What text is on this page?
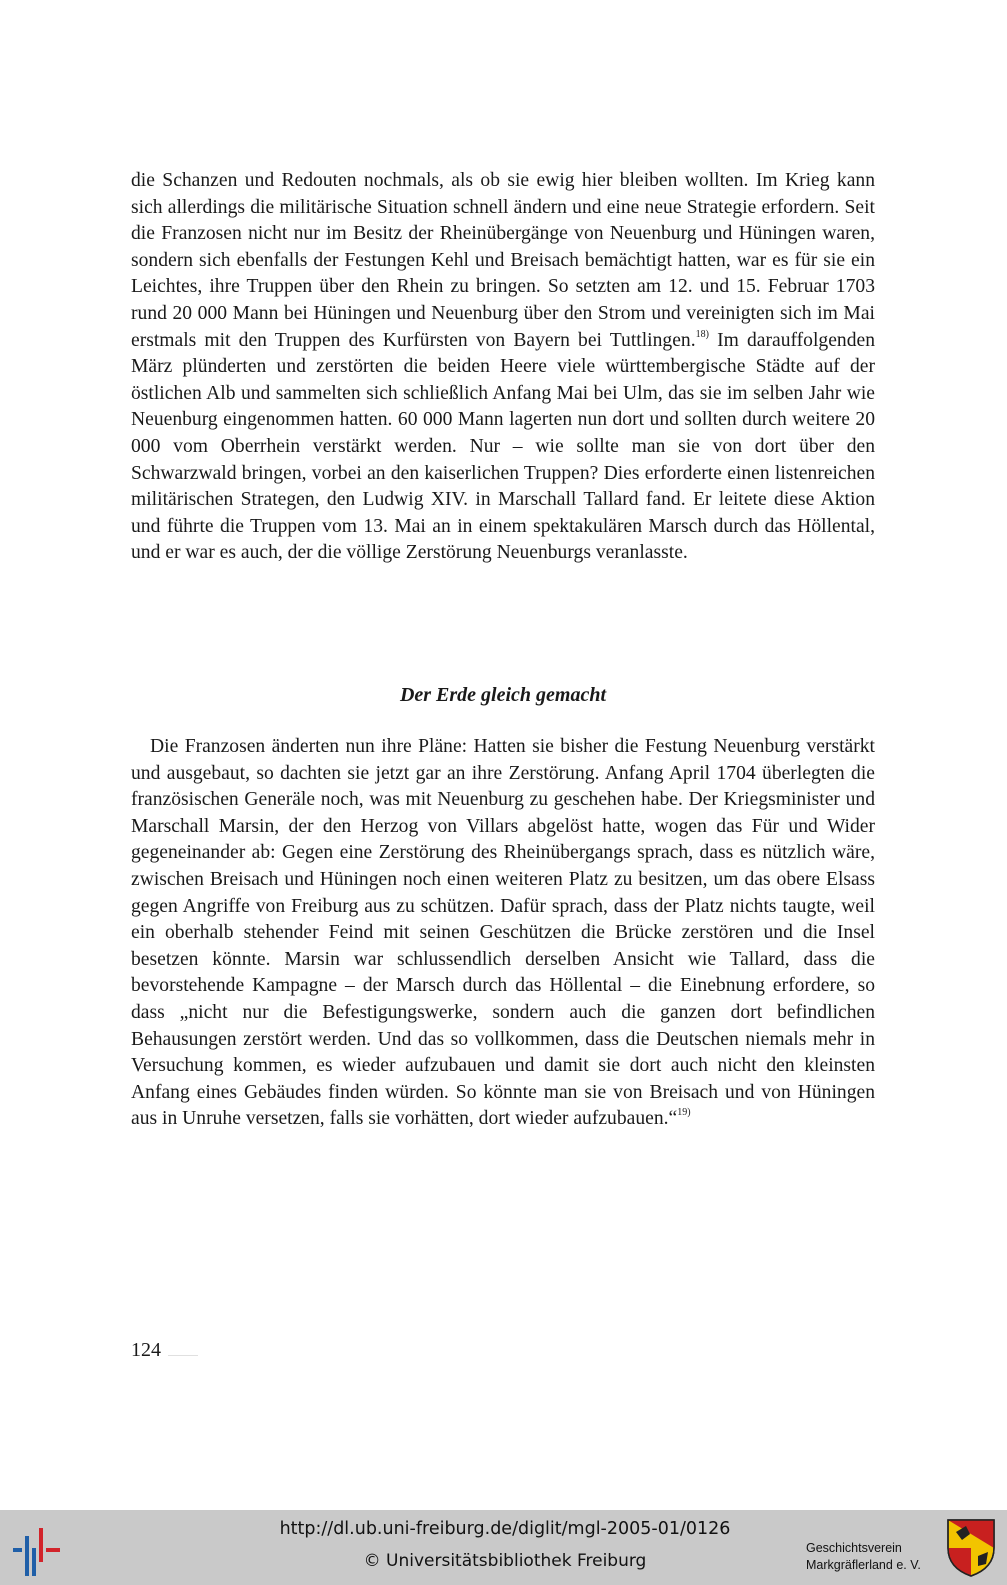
die Schanzen und Redouten nochmals, als ob sie ewig hier bleiben wollten. Im Krieg kann sich allerdings die militärische Situation schnell ändern und eine neue Strategie erfordern. Seit die Franzosen nicht nur im Besitz der Rheinübergänge von Neuenburg und Hüningen waren, sondern sich ebenfalls der Festungen Kehl und Breisach bemächtigt hatten, war es für sie ein Leichtes, ihre Truppen über den Rhein zu bringen. So setzten am 12. und 15. Februar 1703 rund 20 000 Mann bei Hüningen und Neuenburg über den Strom und vereinigten sich im Mai erstmals mit den Truppen des Kurfürsten von Bayern bei Tuttlingen.$^{18)}$ Im darauffolgenden März plünderten und zerstörten die beiden Heere viele württembergische Städte auf der östlichen Alb und sammelten sich schließlich Anfang Mai bei Ulm, das sie im selben Jahr wie Neuenburg eingenommen hatten. 60 000 Mann lagerten nun dort und sollten durch weitere 20 000 vom Oberrhein verstärkt werden. Nur – wie sollte man sie von dort über den Schwarzwald bringen, vorbei an den kaiserlichen Truppen? Dies erforderte einen listenreichen militärischen Strategen, den Ludwig XIV. in Marschall Tallard fand. Er leitete diese Aktion und führte die Truppen vom 13. Mai an in einem spektakulären Marsch durch das Höllental, und er war es auch, der die völlige Zerstörung Neuenburgs veranlasste.

Der Erde gleich gemacht

Die Franzosen änderten nun ihre Pläne: Hatten sie bisher die Festung Neuenburg verstärkt und ausgebaut, so dachten sie jetzt gar an ihre Zerstörung. Anfang April 1704 überlegten die französischen Generäle noch, was mit Neuenburg zu geschehen habe. Der Kriegsminister und Marschall Marsin, der den Herzog von Villars abgelöst hatte, wogen das Für und Wider gegeneinander ab: Gegen eine Zerstörung des Rheinübergangs sprach, dass es nützlich wäre, zwischen Breisach und Hüningen noch einen weiteren Platz zu besitzen, um das obere Elsass gegen Angriffe von Freiburg aus zu schützen. Dafür sprach, dass der Platz nichts taugte, weil ein oberhalb stehender Feind mit seinen Geschützen die Brücke zerstören und die Insel besetzen könnte. Marsin war schlussendlich derselben Ansicht wie Tallard, dass die bevorstehende Kampagne – der Marsch durch das Höllental – die Einebnung erfordere, so dass „nicht nur die Befestigungswerke, sondern auch die ganzen dort befindlichen Behausungen zerstört werden. Und das so vollkommen, dass die Deutschen niemals mehr in Versuchung kommen, es wieder aufzubauen und damit sie dort auch nicht den kleinsten Anfang eines Gebäudes finden würden. So könnte man sie von Breisach und von Hüningen aus in Unruhe versetzen, falls sie vorhätten, dort wieder aufzubauen.“$^{19)}$

124
http://dl.ub.uni-freiburg.de/diglit/mgl-2005-01/0126
© Universitätsbibliothek Freiburg
Geschichtsverein
Markgräflerland e. V.
